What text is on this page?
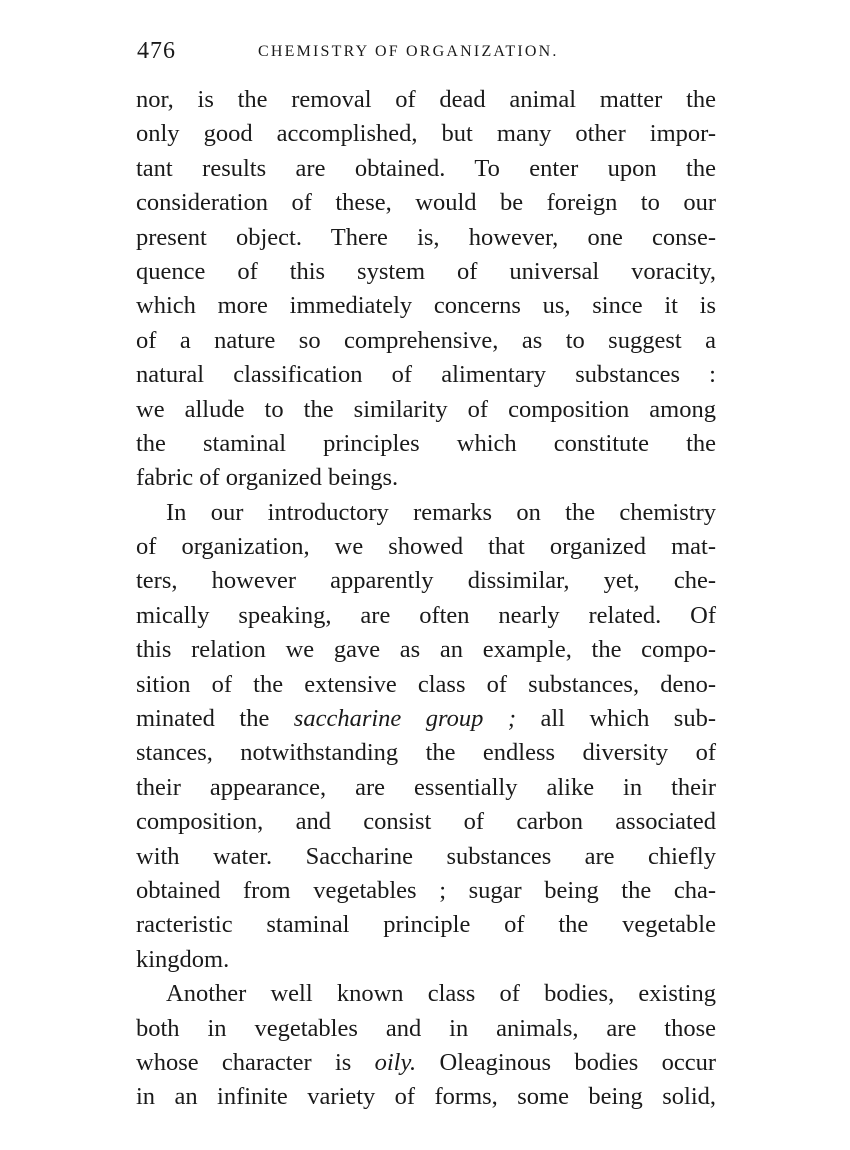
476	CHEMISTRY OF ORGANIZATION.
nor, is the removal of dead animal matter the
only good accomplished, but many other impor-
tant results are obtained. To enter upon the
consideration of these, would be foreign to our
present object. There is, however, one conse-
quence of this system of universal voracity,
which more immediately concerns us, since it is
of a nature so comprehensive, as to suggest a
natural classification of alimentary substances :
we allude to the similarity of composition among
the staminal principles which constitute the
fabric of organized beings.
In our introductory remarks on the chemistry
of organization, we showed that organized mat-
ters, however apparently dissimilar, yet, che-
mically speaking, are often nearly related. Of
this relation we gave as an example, the compo-
sition of the extensive class of substances, deno-
minated the saccharine group ; all which sub-
stances, notwithstanding the endless diversity of
their appearance, are essentially alike in their
composition, and consist of carbon associated
with water. Saccharine substances are chiefly
obtained from vegetables ; sugar being the cha-
racteristic staminal principle of the vegetable
kingdom.
Another well known class of bodies, existing
both in vegetables and in animals, are those
whose character is oily. Oleaginous bodies occur
in an infinite variety of forms, some being solid,
